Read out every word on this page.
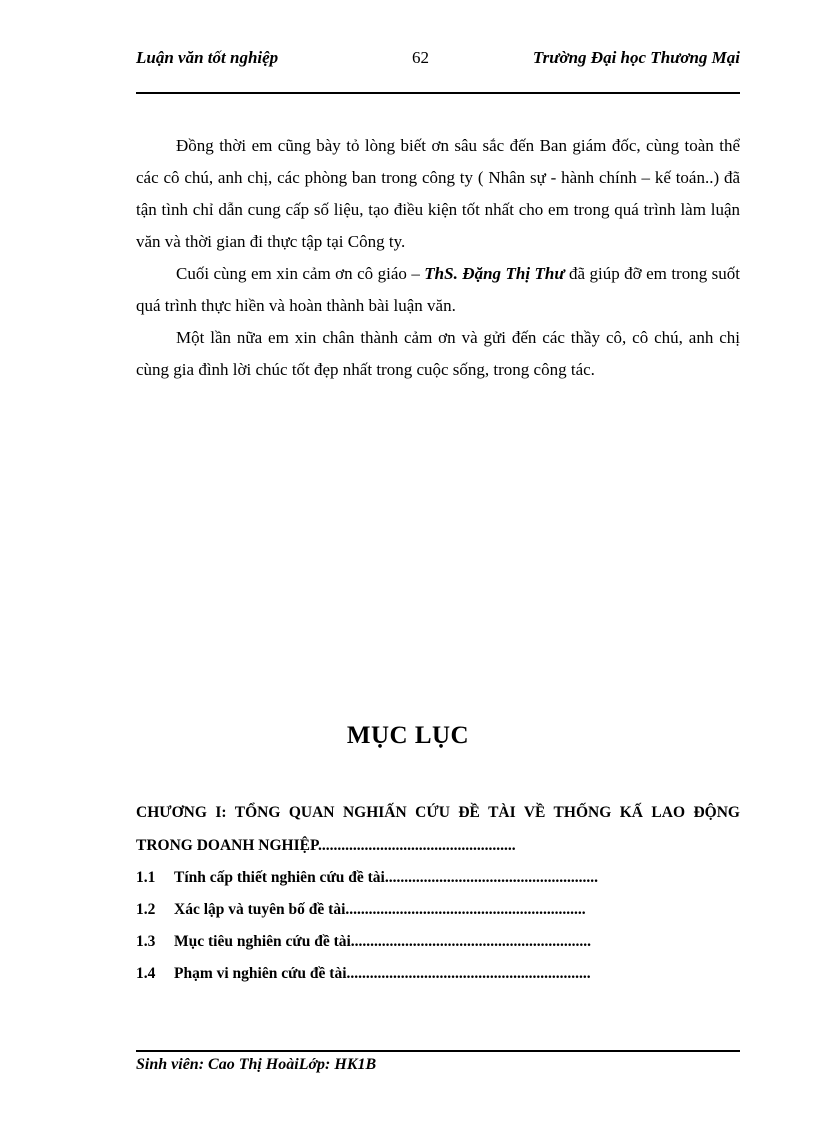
Luận văn tốt nghiệp	62	Trường Đại học Thương Mại

Đồng thời em cũng bày tỏ lòng biết ơn sâu sắc đến Ban giám đốc, cùng toàn thể các cô chú, anh chị, các phòng ban trong công ty ( Nhân sự - hành chính – kế toán..) đã tận tình chỉ dẫn cung cấp số liệu, tạo điều kiện tốt nhất cho em trong quá trình làm luận văn và thời gian đi thực tập tại Công ty.

Cuối cùng em xin cảm ơn cô giáo – ThS. Đặng Thị Thư đã giúp đỡ em trong suốt quá trình thực hiền và hoàn thành bài luận văn.

Một lần nữa em xin chân thành cảm ơn và gửi đến các thầy cô, cô chú, anh chị cùng gia đình lời chúc tốt đẹp nhất trong cuộc sống, trong công tác.

MỤC LỤC
CHƯƠNG I: TỔNG QUAN NGHIẤN CỨU ĐỀ TÀI VỀ THỐNG KẤ LAO ĐỘNG TRONG DOANH NGHIỆP...................................................
1.1 Tính cấp thiết nghiên cứu đề tài.......................................................
1.2 Xác lập và tuyên bố đề tài..............................................................
1.3 Mục tiêu nghiên cứu đề tài..............................................................
1.4 Phạm vi nghiên cứu đề tài...............................................................
Sinh viên: Cao Thị HoàiLớp: HK1B
